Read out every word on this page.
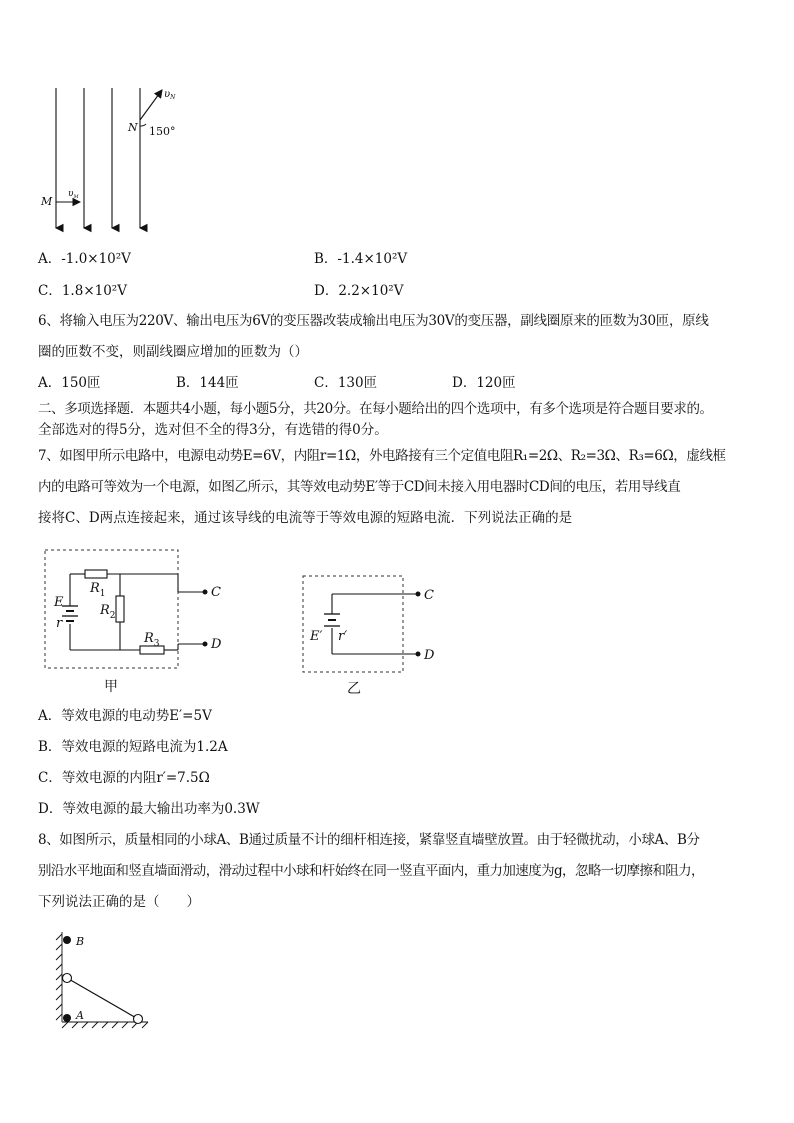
$\upsilon_N$
N 150°
$\upsilon_M$
M
A．-1.0×10²V	B．-1.4×10²V
C．1.8×10²V	D．2.2×10²V
6、将输入电压为220V、输出电压为6V的变压器改装成输出电压为30V的变压器，副线圈原来的匝数为30匝，原线
圈的匝数不变，则副线圈应增加的匝数为（）
A．150匝	B．144匝	C．130匝	D．120匝
二、多项选择题．本题共4小题，每小题5分，共20分。在每小题给出的四个选项中，有多个选项是符合题目要求的。
全部选对的得5分，选对但不全的得3分，有选错的得0分。
7、如图甲所示电路中，电源电动势E=6V，内阻r=1Ω，外电路接有三个定值电阻R₁=2Ω、R₂=3Ω、R₃=6Ω，虚线框
内的电路可等效为一个电源，如图乙所示，其等效电动势E′等于CD间未接入用电器时CD间的电压，若用导线直
接将C、D两点连接起来，通过该导线的电流等于等效电源的短路电流．下列说法正确的是
E
r
$R_1$
$R_2$
$R_3$
C
D
甲
E′ r′
C
D
乙
A．等效电源的电动势E′=5V
B．等效电源的短路电流为1.2A
C．等效电源的内阻r′=7.5Ω
D．等效电源的最大输出功率为0.3W
8、如图所示，质量相同的小球A、B通过质量不计的细杆相连接，紧靠竖直墙壁放置。由于轻微扰动，小球A、B分
别沿水平地面和竖直墙面滑动，滑动过程中小球和杆始终在同一竖直平面内，重力加速度为g，忽略一切摩擦和阻力，
下列说法正确的是（　　）
B
A
